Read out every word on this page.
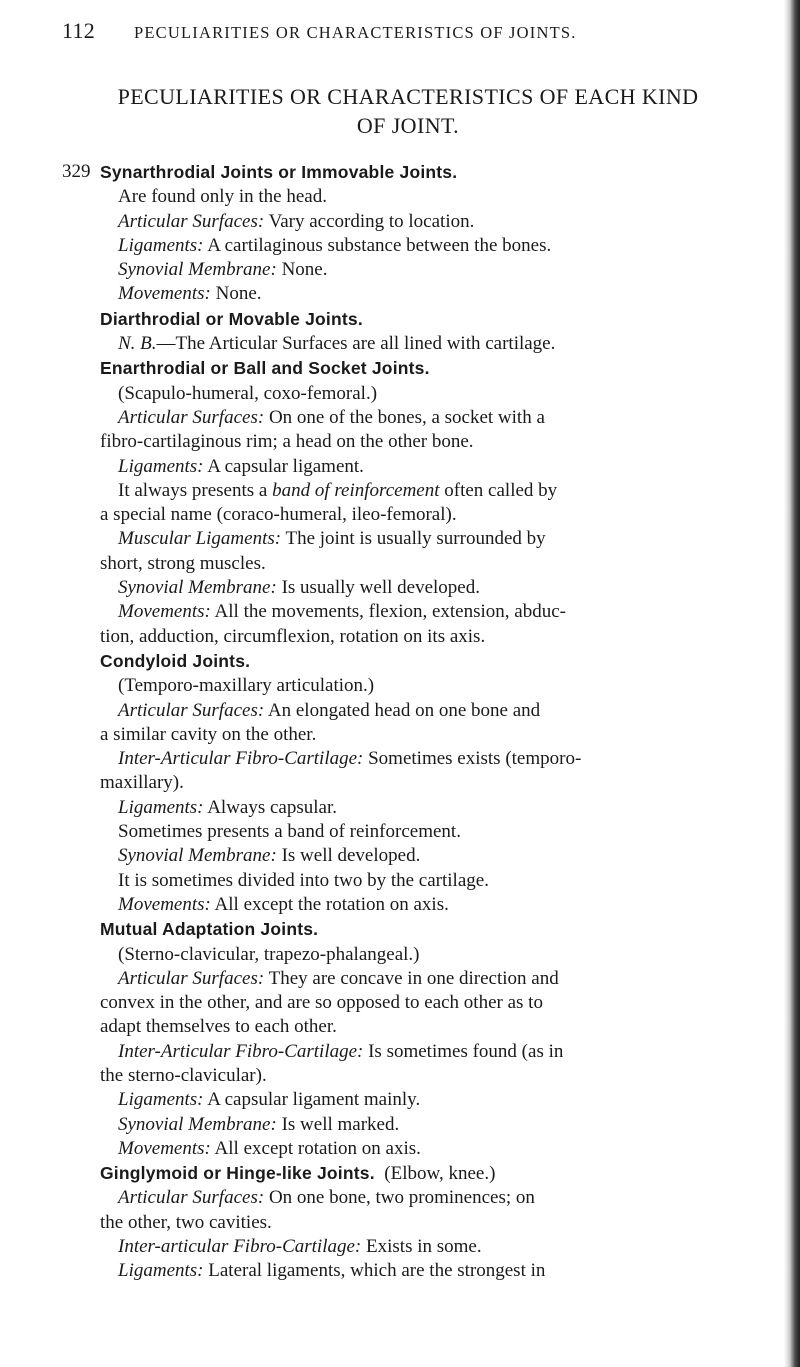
112	PECULIARITIES OR CHARACTERISTICS OF JOINTS.
PECULIARITIES OR CHARACTERISTICS OF EACH KIND
OF JOINT.
329 Synarthrodial Joints or Immovable Joints.
Are found only in the head.
Articular Surfaces: Vary according to location.
Ligaments: A cartilaginous substance between the bones.
Synovial Membrane: None.
Movements: None.
Diarthrodial or Movable Joints.
N. B.—The Articular Surfaces are all lined with cartilage.
Enarthrodial or Ball and Socket Joints.
(Scapulo-humeral, coxo-femoral.)
Articular Surfaces: On one of the bones, a socket with a
fibro-cartilaginous rim; a head on the other bone.
Ligaments: A capsular ligament.
It always presents a band of reinforcement often called by
a special name (coraco-humeral, ileo-femoral).
Muscular Ligaments: The joint is usually surrounded by
short, strong muscles.
Synovial Membrane: Is usually well developed.
Movements: All the movements, flexion, extension, abduc-
tion, adduction, circumflexion, rotation on its axis.
Condyloid Joints.
(Temporo-maxillary articulation.)
Articular Surfaces: An elongated head on one bone and
a similar cavity on the other.
Inter-Articular Fibro-Cartilage: Sometimes exists (temporo-
maxillary).
Ligaments: Always capsular.
Sometimes presents a band of reinforcement.
Synovial Membrane: Is well developed.
It is sometimes divided into two by the cartilage.
Movements: All except the rotation on axis.
Mutual Adaptation Joints.
(Sterno-clavicular, trapezo-phalangeal.)
Articular Surfaces: They are concave in one direction and
convex in the other, and are so opposed to each other as to
adapt themselves to each other.
Inter-Articular Fibro-Cartilage: Is sometimes found (as in
the sterno-clavicular).
Ligaments: A capsular ligament mainly.
Synovial Membrane: Is well marked.
Movements: All except rotation on axis.
Ginglymoid or Hinge-like Joints.  (Elbow, knee.)
Articular Surfaces: On one bone, two prominences; on
the other, two cavities.
Inter-articular Fibro-Cartilage: Exists in some.
Ligaments: Lateral ligaments, which are the strongest in
